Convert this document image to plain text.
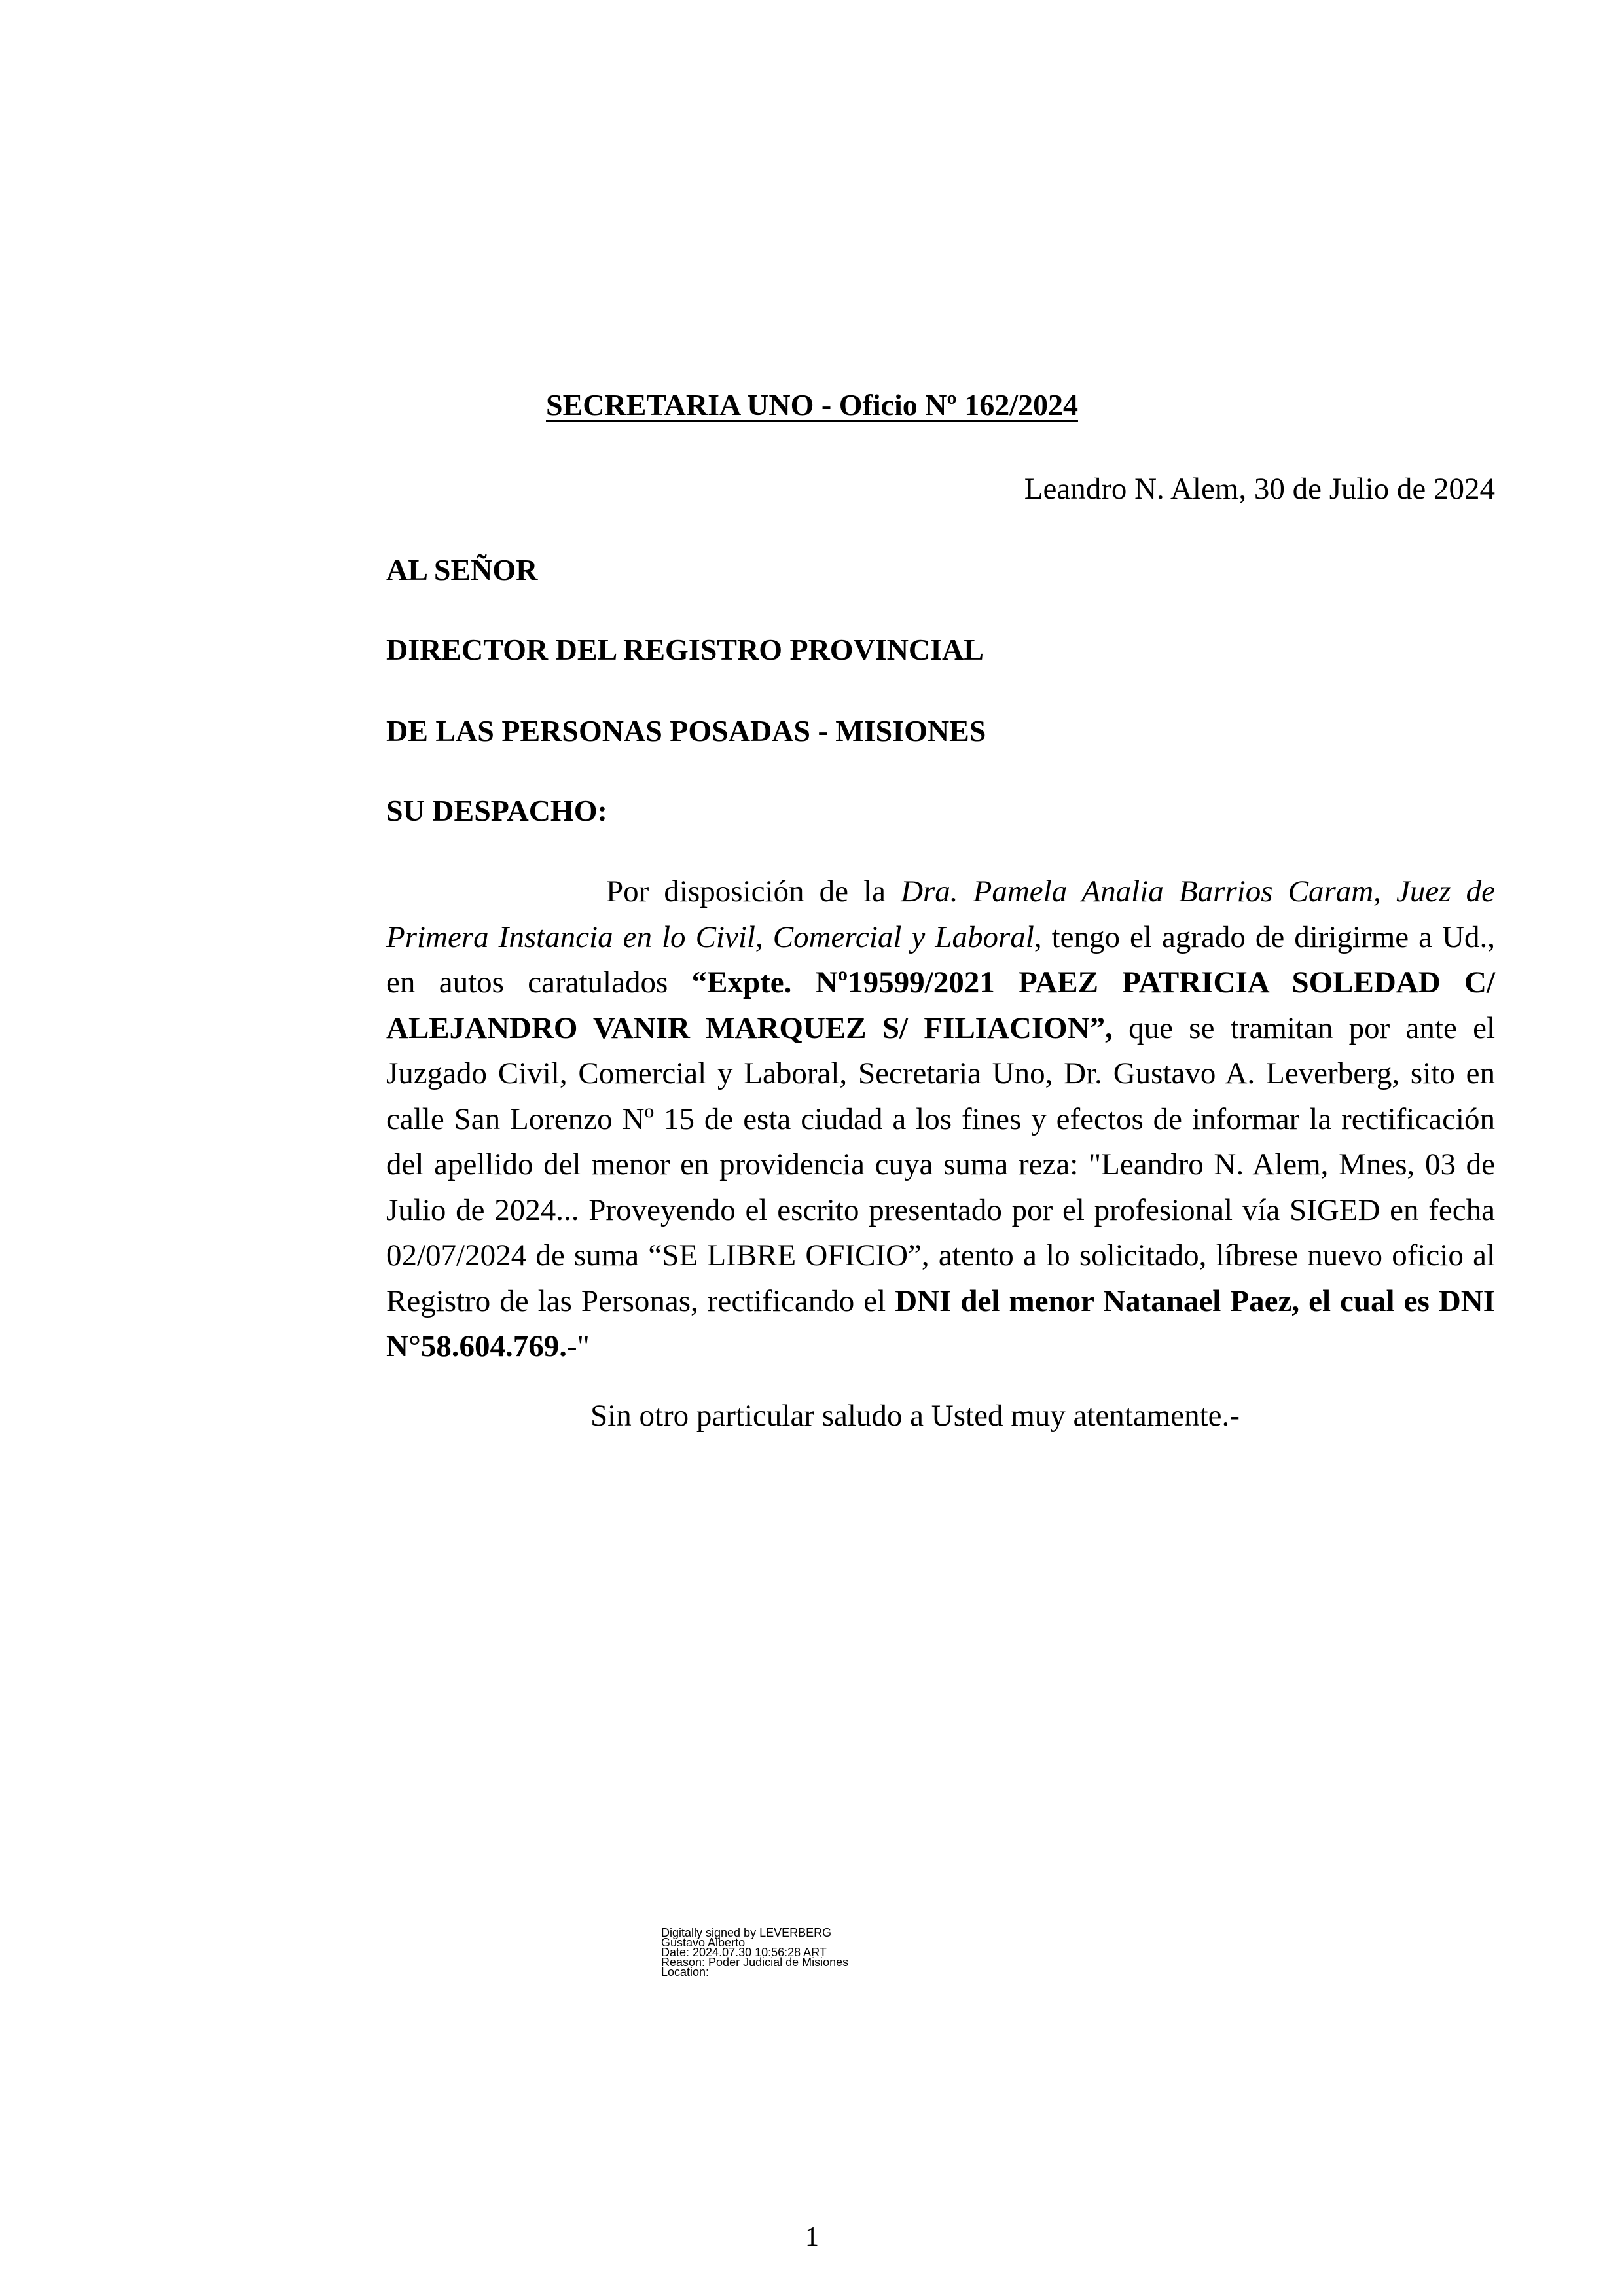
SECRETARIA UNO - Oficio Nº 162/2024
Leandro N. Alem, 30 de Julio de 2024
AL SEÑOR
DIRECTOR DEL REGISTRO PROVINCIAL
DE LAS PERSONAS POSADAS - MISIONES
SU DESPACHO:

Por disposición de la Dra. Pamela Analia Barrios Caram, Juez de Primera Instancia en lo Civil, Comercial y Laboral, tengo el agrado de dirigirme a Ud., en autos caratulados “Expte. Nº19599/2021 PAEZ PATRICIA SOLEDAD C/ ALEJANDRO VANIR MARQUEZ S/ FILIACION”, que se tramitan por ante el Juzgado Civil, Comercial y Laboral, Secretaria Uno, Dr. Gustavo A. Leverberg, sito en calle San Lorenzo Nº 15 de esta ciudad a los fines y efectos de informar la rectificación del apellido del menor en providencia cuya suma reza: "Leandro N. Alem, Mnes, 03 de Julio de 2024... Proveyendo el escrito presentado por el profesional vía SIGED en fecha 02/07/2024 de suma “SE LIBRE OFICIO”, atento a lo solicitado, líbrese nuevo oficio al Registro de las Personas, rectificando el DNI del menor Natanael Paez, el cual es DNI N°58.604.769.-"

Sin otro particular saludo a Usted muy atentamente.-
Digitally signed by LEVERBERG
Gustavo Alberto
Date: 2024.07.30 10:56:28 ART
Reason: Poder Judicial de Misiones
Location:
1
